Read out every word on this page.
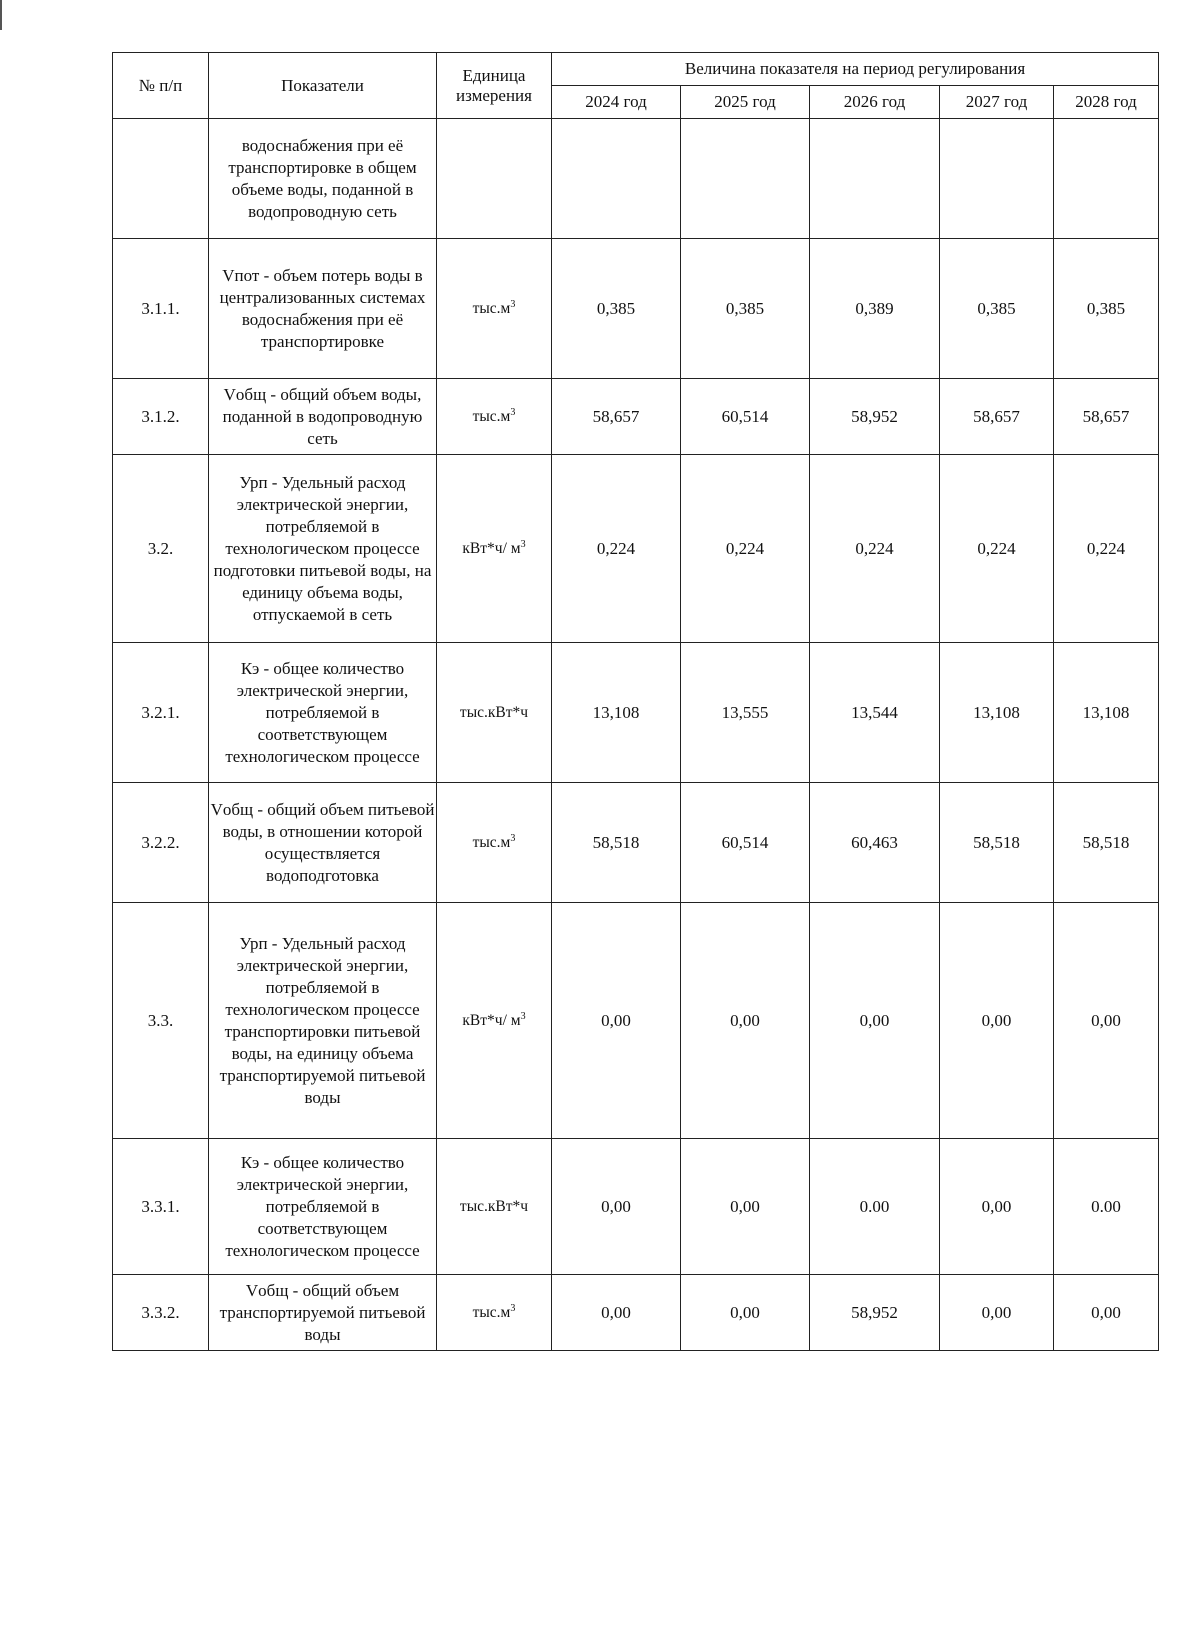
№ п/п	Показатели	Единица измерения	Величина показателя на период регулирования				
			2024 год	2025 год	2026 год	2027 год	2028 год
	водоснабжения при её транспортировке в общем объеме воды, поданной в водопроводную сеть						
3.1.1.	Vпот - объем потерь воды в централизованных системах водоснабжения при её транспортировке	$тыс.м^3$	0,385	0,385	0,389	0,385	0,385
3.1.2.	Vобщ - общий объем воды, поданной в водопроводную сеть	$тыс.м^3$	58,657	60,514	58,952	58,657	58,657
3.2.	Урп - Удельный расход электрической энергии, потребляемой в технологическом процессе подготовки питьевой воды, на единицу объема воды, отпускаемой в сеть	кВт*ч/ $м^3$	0,224	0,224	0,224	0,224	0,224
3.2.1.	Кэ - общее количество электрической энергии, потребляемой в соответствующем технологическом процессе	тыс.кВт*ч	13,108	13,555	13,544	13,108	13,108
3.2.2.	Vобщ - общий объем питьевой воды, в отношении которой осуществляется водоподготовка	$тыс.м^3$	58,518	60,514	60,463	58,518	58,518
3.3.	Урп - Удельный расход электрической энергии, потребляемой в технологическом процессе транспортировки питьевой воды, на единицу объема транспортируемой питьевой воды	кВт*ч/ $м^3$	0,00	0,00	0,00	0,00	0,00
3.3.1.	Кэ - общее количество электрической энергии, потребляемой в соответствующем технологическом процессе	тыс.кВт*ч	0,00	0,00	0.00	0,00	0.00
3.3.2.	Vобщ - общий объем транспортируемой питьевой воды	$тыс.м^3$	0,00	0,00	58,952	0,00	0,00
